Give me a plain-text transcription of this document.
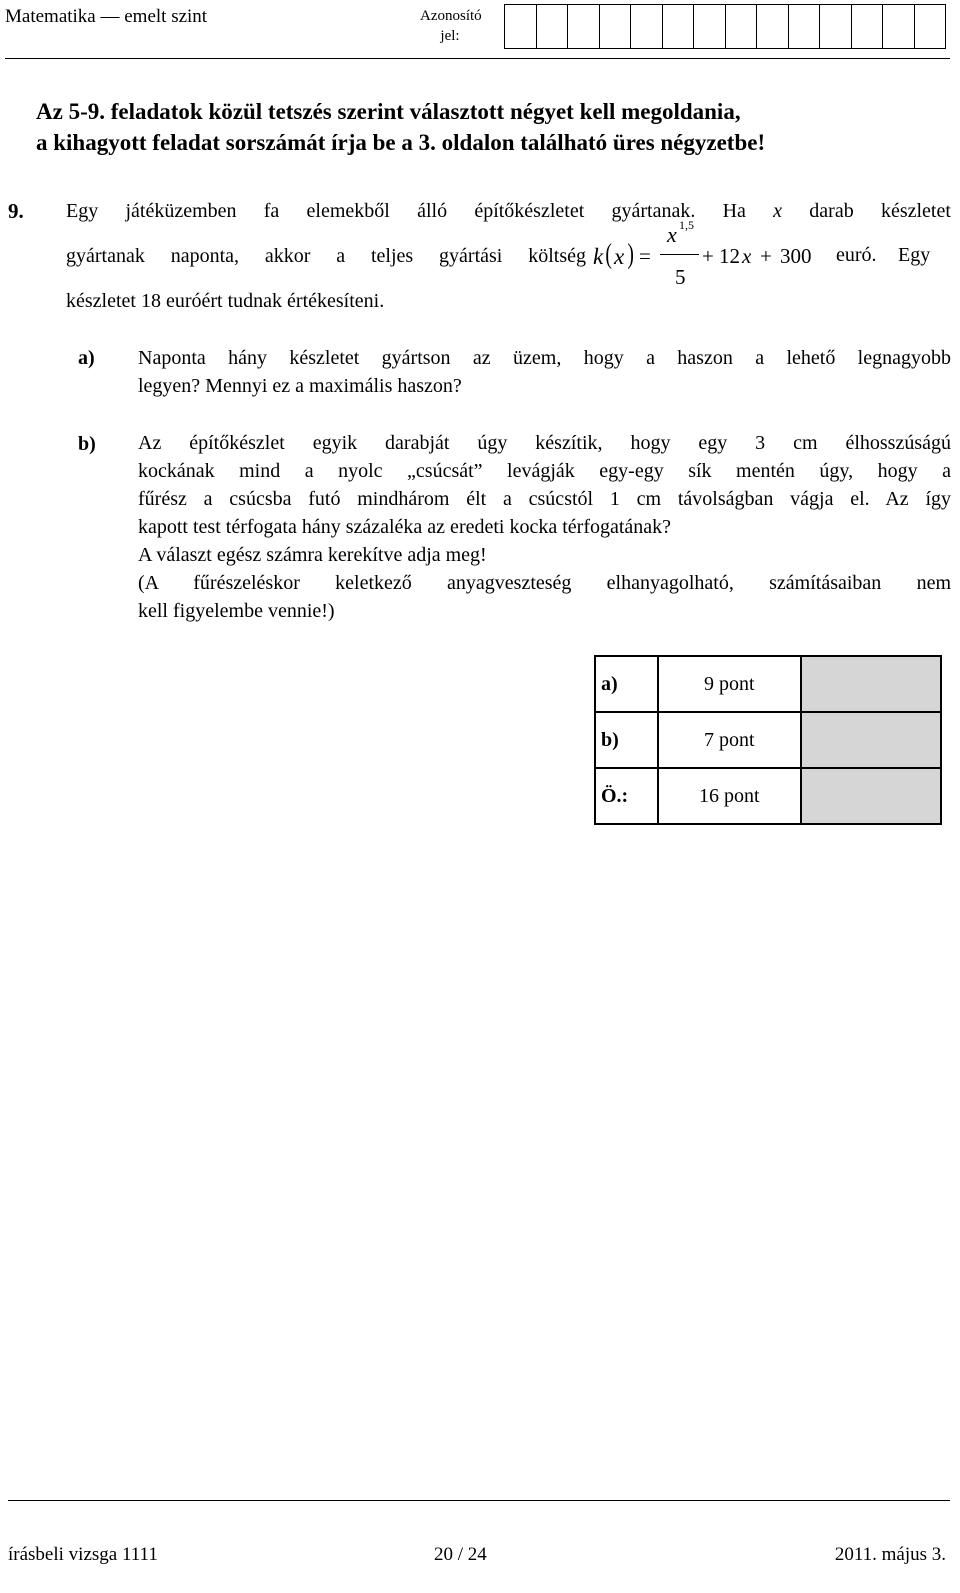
Matematika — emelt szint	Azonosító
jel:
Az 5-9. feladatok közül tetszés szerint választott négyet kell megoldania,
a kihagyott feladat sorszámát írja be a 3. oldalon található üres négyzetbe!
9. Egy játéküzemben fa elemekből álló építőkészletet gyártanak. Ha x darab készletet
gyártanak naponta, akkor a teljes gyártási költség k ( x ) =
x 1,5
5
+ 12 x + 300 euró. Egy
készletet 18 euróért tudnak értékesíteni.
a) Naponta hány készletet gyártson az üzem, hogy a haszon a lehető legnagyobb
legyen? Mennyi ez a maximális haszon?
b) Az építőkészlet egyik darabját úgy készítik, hogy egy 3 cm élhosszúságú
kockának mind a nyolc „csúcsát” levágják egy-egy sík mentén úgy, hogy a
fűrész a csúcsba futó mindhárom élt a csúcstól 1 cm távolságban vágja el. Az így
kapott test térfogata hány százaléka az eredeti kocka térfogatának?
A választ egész számra kerekítve adja meg!
(A fűrészeléskor keletkező anyagveszteség elhanyagolható, számításaiban nem
kell figyelembe vennie!)
a)	9 pont	
b)	7 pont	
Ö.:	16 pont	
írásbeli vizsga 1111	20 / 24	2011. május 3.
